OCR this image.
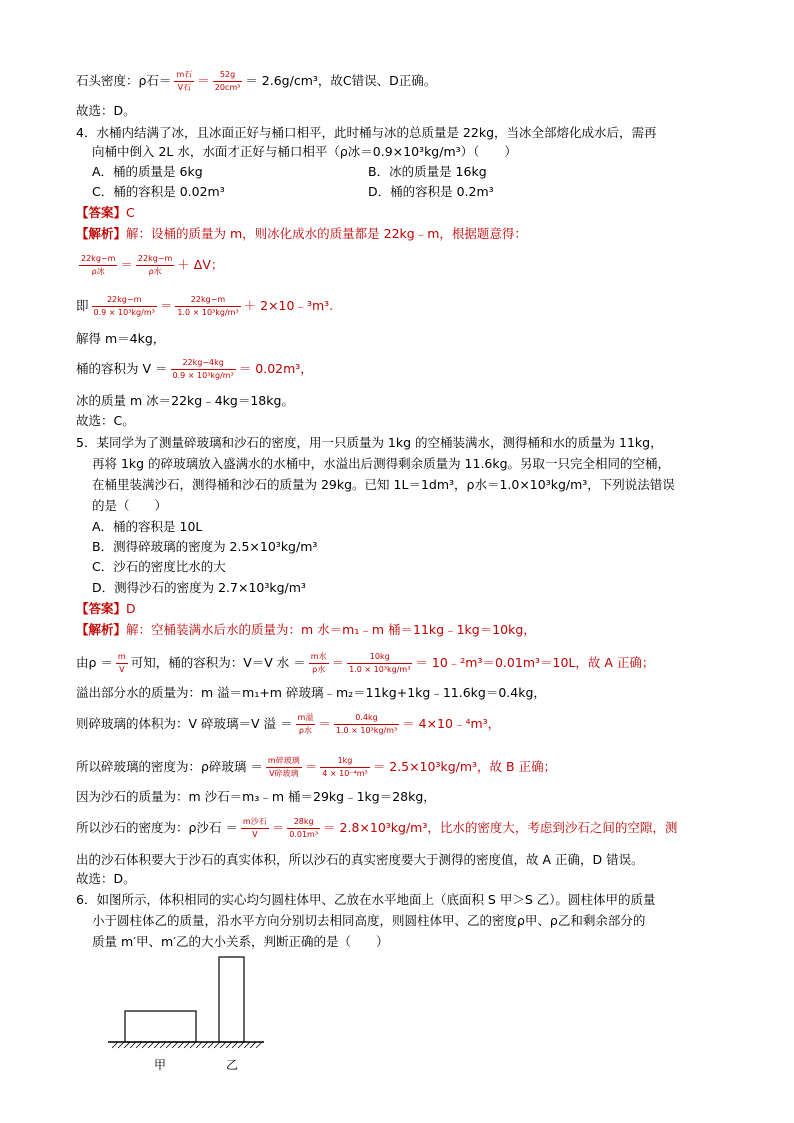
石头密度：ρ石＝ $\frac{\text{m石}}{\text{V石}} = \frac{52g}{\text{20cm³}} = 2.6g/cm^3$，故C错误、D正确。
故选：D。
4．水桶内结满了冰，且冰面正好与桶口相平，此时桶与冰的总质量是 22kg，当冰全部熔化成水后，需再
向桶中倒入 2L 水，水面才正好与桶口相平（ρ冰＝0.9×10³kg/m³）（　　）
A．桶的质量是 6kg	B．冰的质量是 16kg
C．桶的容积是 0.02m³	D．桶的容积是 0.2m³
【答案】C
【解析】解：设桶的质量为 m，则冰化成水的质量都是 22kg﹣m，根据题意得：
$\frac{22kg-m}{\text{ρ冰}} = \frac{22kg-m}{\text{ρ水}} + \Delta V$；
即 $\frac{22kg-m}{\text{0.9 × 10³kg/m³}} = \frac{22kg-m}{\text{1.0 × 10³kg/m³}}$ ＋ 2×10﹣³m³.
解得 m＝4kg，
桶的容积为 $V = \frac{22kg-4kg}{\text{0.9 × 10³kg/m³}} = 0.02m^3$，
冰的质量 m 冰＝22kg﹣4kg＝18kg。
故选：C。
5．某同学为了测量碎玻璃和沙石的密度，用一只质量为 1kg 的空桶装满水，测得桶和水的质量为 11kg，
再将 1kg 的碎玻璃放入盛满水的水桶中，水溢出后测得剩余质量为 11.6kg。另取一只完全相同的空桶，
在桶里装满沙石，测得桶和沙石的质量为 29kg。已知 1L＝1dm³，ρ水＝1.0×10³kg/m³，下列说法错误
的是（　　）
A．桶的容积是 10L
B．测得碎玻璃的密度为 2.5×10³kg/m³
C．沙石的密度比水的大
D．测得沙石的密度为 2.7×10³kg/m³
【答案】D
【解析】解：空桶装满水后水的质量为：m 水＝m₁﹣m 桶＝11kg﹣1kg＝10kg，
由$\rho = \frac{m}{V}$ 可知，桶的容积为：V＝V 水 ＝ $\frac{\text{m水}}{\text{ρ水}} = \frac{10kg}{\text{1.0 × 10³kg/m³}}$ ＝ 10﹣²m³＝0.01m³＝10L，故 A 正确；
溢出部分水的质量为：m 溢＝m₁+m 碎玻璃﹣m₂＝11kg+1kg﹣11.6kg＝0.4kg，
则碎玻璃的体积为：V 碎玻璃＝V 溢 ＝ $\frac{\text{m溢}}{\text{ρ水}} = \frac{0.4kg}{\text{1.0 × 10³kg/m³}}$ ＝ 4×10﹣⁴m³，
所以碎玻璃的密度为：ρ碎玻璃 ＝ $\frac{\text{m碎玻璃}}{\text{V碎玻璃}} = \frac{1kg}{\text{4 × 10⁻⁴m³}} = 2.5\times 10^3kg/m^3$，故 B 正确；
因为沙石的质量为：m 沙石＝m₃﹣m 桶＝29kg﹣1kg＝28kg，
所以沙石的密度为：ρ沙石 ＝ $\frac{\text{m沙石}}{V} = \frac{28kg}{\text{0.01m³}} = 2.8\times 10^3kg/m^3$，比水的密度大，考虑到沙石之间的空隙，测
出的沙石体积要大于沙石的真实体积，所以沙石的真实密度要大于测得的密度值，故 A 正确，D 错误。
故选：D。
6．如图所示，体积相同的实心均匀圆柱体甲、乙放在水平地面上（底面积 S 甲＞S 乙）。圆柱体甲的质量
小于圆柱体乙的质量，沿水平方向分别切去相同高度，则圆柱体甲、乙的密度ρ甲、ρ乙和剩余部分的
质量 m′甲、m′乙的大小关系，判断正确的是（　　）
甲	乙
